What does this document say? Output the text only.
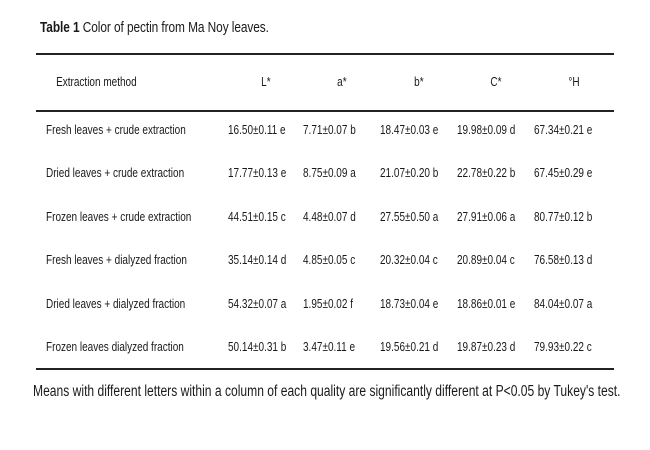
Table 1 Color of pectin from Ma Noy leaves.
Extraction method	L*	a*	b*	C*	°H
Fresh leaves + crude extraction	16.50±0.11 e	7.71±0.07 b	18.47±0.03 e	19.98±0.09 d	67.34±0.21 e
Dried leaves + crude extraction	17.77±0.13 e	8.75±0.09 a	21.07±0.20 b	22.78±0.22 b	67.45±0.29 e
Frozen leaves + crude extraction	44.51±0.15 c	4.48±0.07 d	27.55±0.50 a	27.91±0.06 a	80.77±0.12 b
Fresh leaves + dialyzed fraction	35.14±0.14 d	4.85±0.05 c	20.32±0.04 c	20.89±0.04 c	76.58±0.13 d
Dried leaves + dialyzed fraction	54.32±0.07 a	1.95±0.02 f	18.73±0.04 e	18.86±0.01 e	84.04±0.07 a
Frozen leaves dialyzed fraction	50.14±0.31 b	3.47±0.11 e	19.56±0.21 d	19.87±0.23 d	79.93±0.22 c
Means with different letters within a column of each quality are significantly different at P<0.05 by Tukey's test.
